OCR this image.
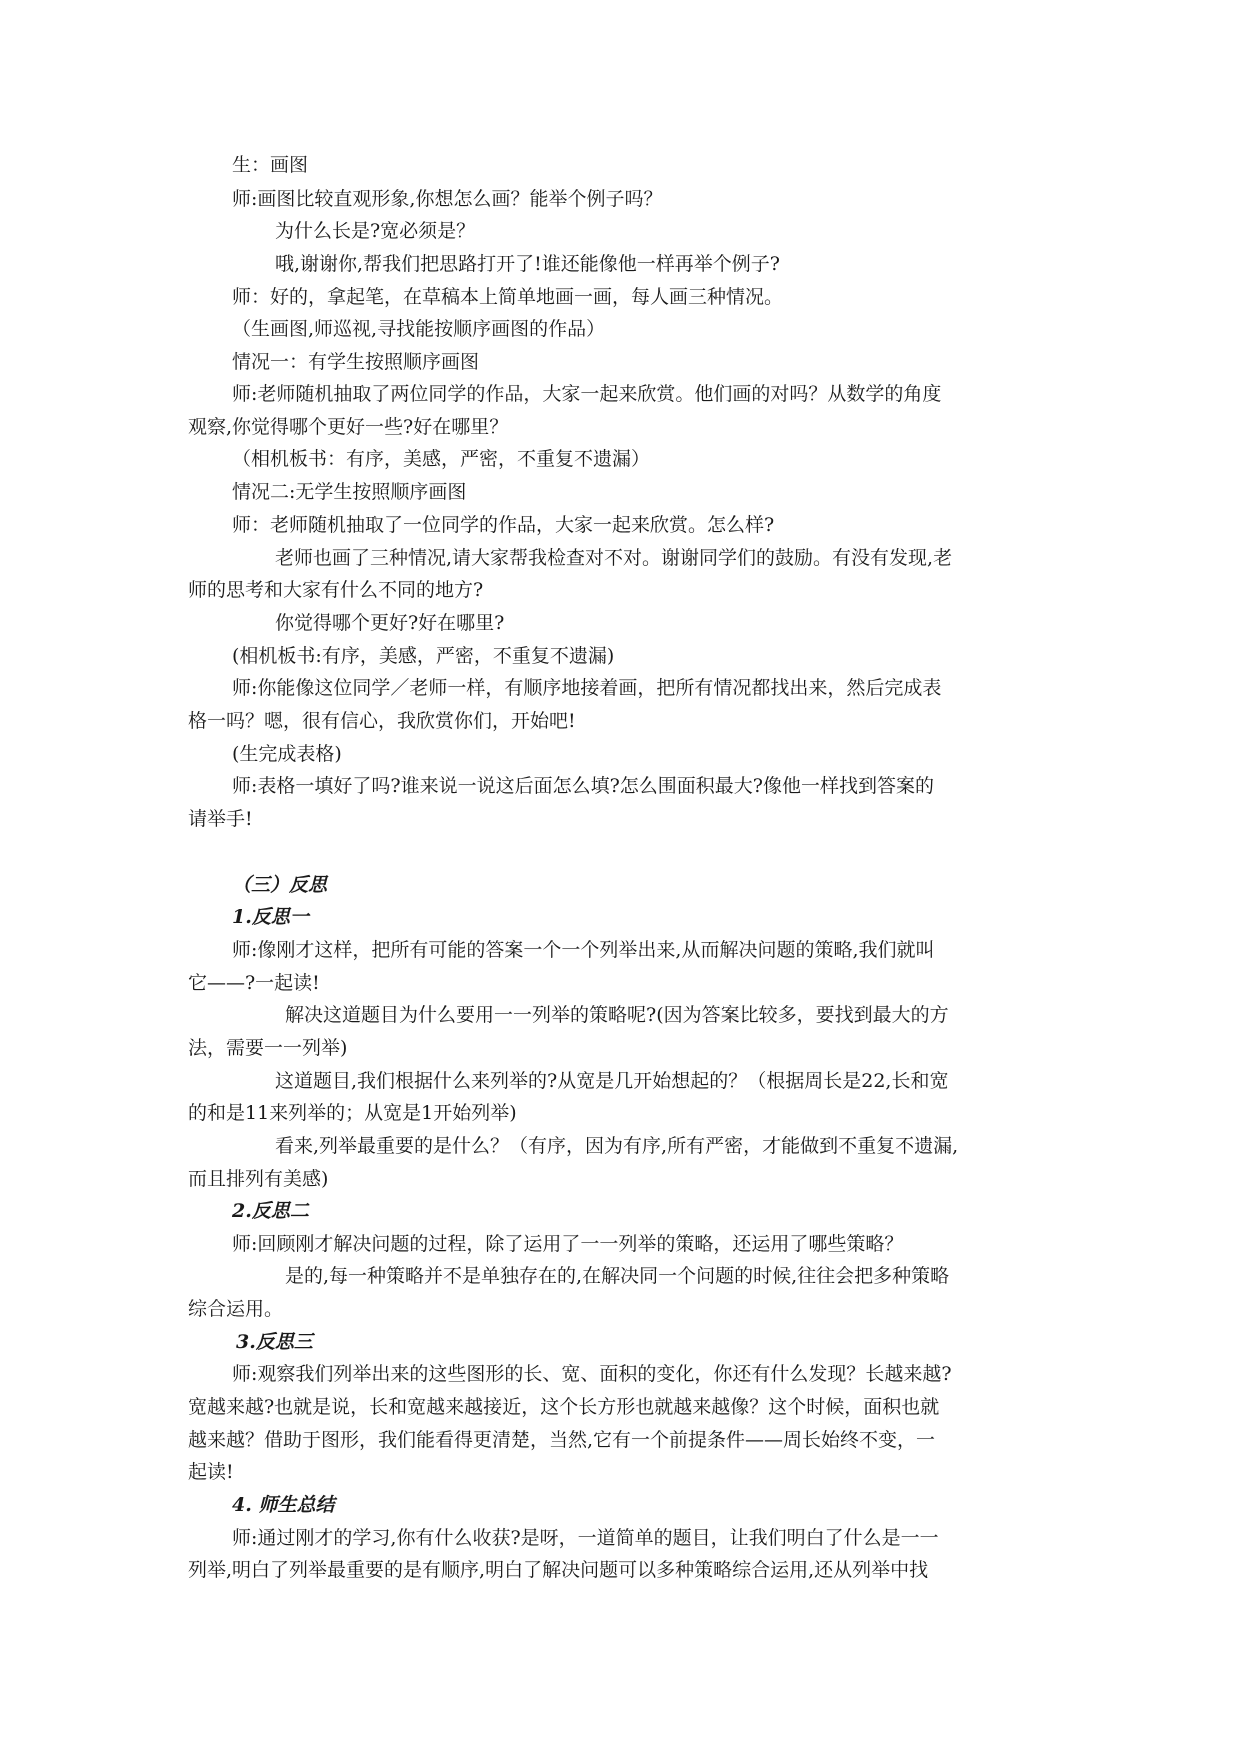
生：画图
师:画图比较直观形象,你想怎么画？能举个例子吗？
为什么长是?宽必须是？
哦,谢谢你,帮我们把思路打开了!谁还能像他一样再举个例子?
师：好的，拿起笔，在草稿本上简单地画一画，每人画三种情况。
（生画图,师巡视,寻找能按顺序画图的作品）
情况一：有学生按照顺序画图
师:老师随机抽取了两位同学的作品，大家一起来欣赏。他们画的对吗？从数学的角度
观察,你觉得哪个更好一些?好在哪里？
（相机板书：有序，美感，严密，不重复不遗漏）
情况二:无学生按照顺序画图
师：老师随机抽取了一位同学的作品，大家一起来欣赏。怎么样?
老师也画了三种情况,请大家帮我检查对不对。谢谢同学们的鼓励。有没有发现,老
师的思考和大家有什么不同的地方?
你觉得哪个更好?好在哪里?
(相机板书:有序，美感，严密，不重复不遗漏)
师:你能像这位同学／老师一样，有顺序地接着画，把所有情况都找出来，然后完成表
格一吗？嗯，很有信心，我欣赏你们，开始吧!
(生完成表格)
师:表格一填好了吗?谁来说一说这后面怎么填?怎么围面积最大?像他一样找到答案的
请举手!
（三）反思
1.反思一
师:像刚才这样，把所有可能的答案一个一个列举出来,从而解决问题的策略,我们就叫
它——?一起读!
解决这道题目为什么要用一一列举的策略呢?(因为答案比较多，要找到最大的方
法，需要一一列举)
这道题目,我们根据什么来列举的?从宽是几开始想起的？（根据周长是22,长和宽
的和是11来列举的；从宽是1开始列举)
看来,列举最重要的是什么？（有序，因为有序,所有严密，才能做到不重复不遗漏,
而且排列有美感)
2.反思二
师:回顾刚才解决问题的过程，除了运用了一一列举的策略，还运用了哪些策略？
是的,每一种策略并不是单独存在的,在解决同一个问题的时候,往往会把多种策略
综合运用。
3.反思三
师:观察我们列举出来的这些图形的长、宽、面积的变化，你还有什么发现？长越来越?
宽越来越?也就是说，长和宽越来越接近，这个长方形也就越来越像？这个时候，面积也就
越来越？借助于图形，我们能看得更清楚，当然,它有一个前提条件——周长始终不变，一
起读!
4. 师生总结
师:通过刚才的学习,你有什么收获?是呀，一道简单的题目，让我们明白了什么是一一
列举,明白了列举最重要的是有顺序,明白了解决问题可以多种策略综合运用,还从列举中找
